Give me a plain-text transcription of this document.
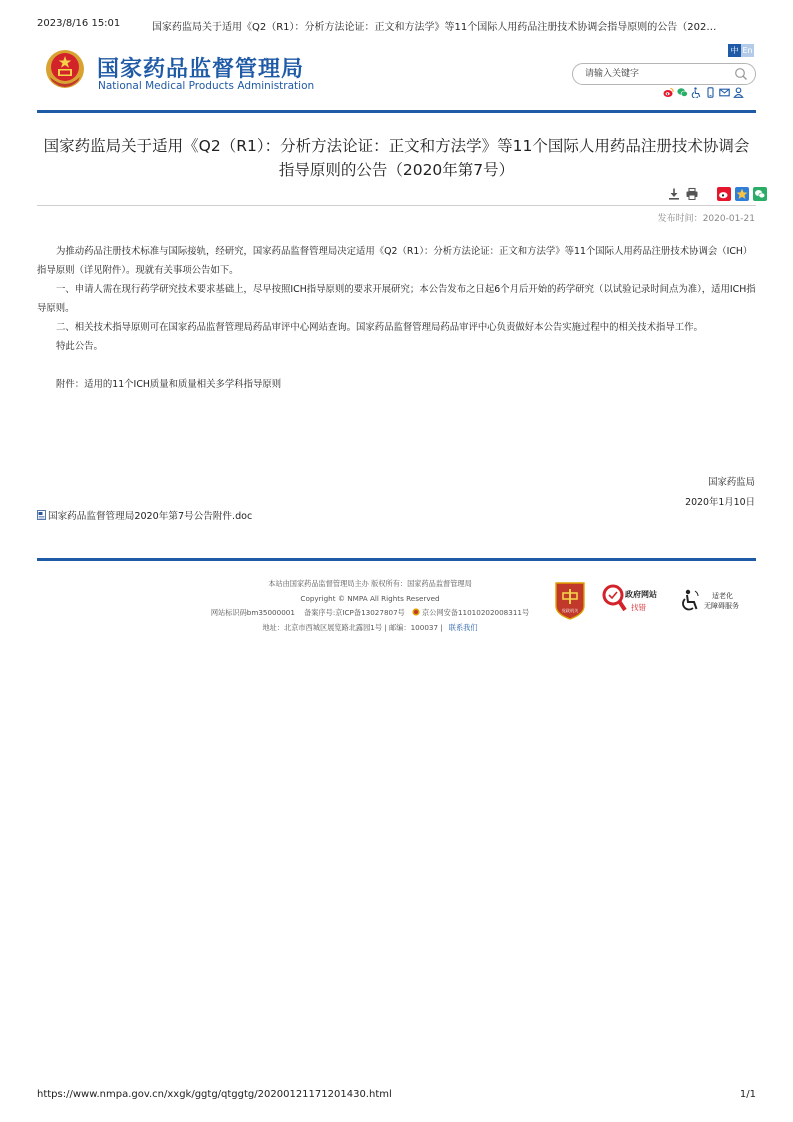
2023/8/16 15:01	国家药监局关于适用《Q2（R1）：分析方法论证：正文和方法学》等11个国际人用药品注册技术协调会指导原则的公告（202…
国家药品监督管理局
National Medical Products Administration
中 En
请输入关键字
国家药监局关于适用《Q2（R1）：分析方法论证：正文和方法学》等11个国际人用药品注册技术协调会指导原则的公告（2020年第7号）
发布时间：2020-01-21

为推动药品注册技术标准与国际接轨，经研究，国家药品监督管理局决定适用《Q2（R1）：分析方法论证：正文和方法学》等11个国际人用药品注册技术协调会（ICH）指导原则（详见附件）。现就有关事项公告如下。

一、申请人需在现行药学研究技术要求基础上，尽早按照ICH指导原则的要求开展研究；本公告发布之日起6个月后开始的药学研究（以试验记录时间点为准），适用ICH指导原则。

二、相关技术指导原则可在国家药品监督管理局药品审评中心网站查询。国家药品监督管理局药品审评中心负责做好本公告实施过程中的相关技术指导工作。

特此公告。

附件：适用的11个ICH质量和质量相关多学科指导原则

国家药监局
2020年1月10日
国家药品监督管理局2020年第7号公告附件.doc
本站由国家药品监督管理局主办 版权所有：国家药品监督管理局
Copyright © NMPA All Rights Reserved
网站标识码bm35000001 备案序号:京ICP备13027807号 京公网安备11010202008311号
地址：北京市西城区展览路北露园1号 | 邮编：100037 | 联系我们
党政机关
政府网站
找错
适老化
无障碍服务
https://www.nmpa.gov.cn/xxgk/ggtg/qtggtg/20200121171201430.html	1/1
